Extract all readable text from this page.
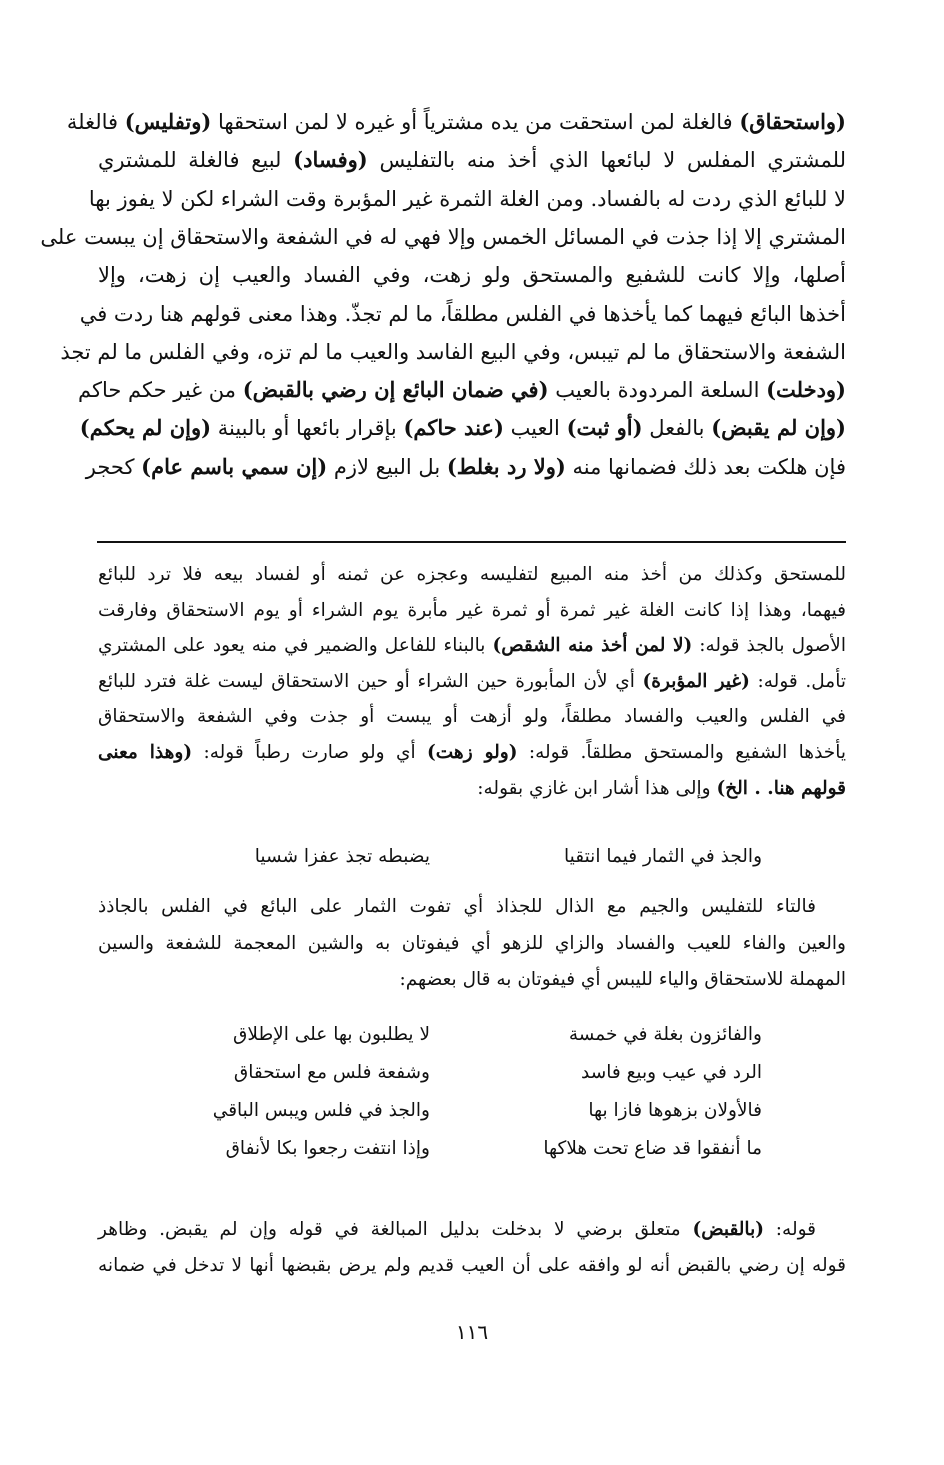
(واستحقاق) فالغلة لمن استحقت من يده مشترياً أو غيره لا لمن استحقها (وتفليس) فالغلة
للمشتري المفلس لا لبائعها الذي أخذ منه بالتفليس (وفساد) لبيع فالغلة للمشتري
لا للبائع الذي ردت له بالفساد. ومن الغلة الثمرة غير المؤبرة وقت الشراء لكن لا يفوز بها
المشتري إلا إذا جذت في المسائل الخمس وإلا فهي له في الشفعة والاستحقاق إن يبست على
أصلها، وإلا كانت للشفيع والمستحق ولو زهت، وفي الفساد والعيب إن زهت، وإلا
أخذها البائع فيهما كما يأخذها في الفلس مطلقاً، ما لم تجذّ. وهذا معنى قولهم هنا ردت في
الشفعة والاستحقاق ما لم تيبس، وفي البيع الفاسد والعيب ما لم تزه، وفي الفلس ما لم تجذ
(ودخلت) السلعة المردودة بالعيب (في ضمان البائع إن رضي بالقبض) من غير حكم حاكم
(وإن لم يقبض) بالفعل (أو ثبت) العيب (عند حاكم) بإقرار بائعها أو بالبينة (وإن لم يحكم)
فإن هلكت بعد ذلك فضمانها منه (ولا رد بغلط) بل البيع لازم (إن سمي باسم عام) كحجر
للمستحق وكذلك من أخذ منه المبيع لتفليسه وعجزه عن ثمنه أو لفساد بيعه فلا ترد للبائع
فيهما، وهذا إذا كانت الغلة غير ثمرة أو ثمرة غير مأبرة يوم الشراء أو يوم الاستحقاق وفارقت
الأصول بالجذ قوله: (لا لمن أخذ منه الشقص) بالبناء للفاعل والضمير في منه يعود على المشتري
تأمل. قوله: (غير المؤبرة) أي لأن المأبورة حين الشراء أو حين الاستحقاق ليست غلة فترد للبائع
في الفلس والعيب والفساد مطلقاً، ولو أزهت أو يبست أو جذت وفي الشفعة والاستحقاق
يأخذها الشفيع والمستحق مطلقاً. قوله: (ولو زهت) أي ولو صارت رطباً قوله: (وهذا معنى
قولهم هنا. . الخ) وإلى هذا أشار ابن غازي بقوله:
والجذ في الثمار فيما انتقيا
يضبطه تجذ عفزا شسيا
فالتاء للتفليس والجيم مع الذال للجذاذ أي تفوت الثمار على البائع في الفلس بالجاذذ
والعين والفاء للعيب والفساد والزاي للزهو أي فيفوتان به والشين المعجمة للشفعة والسين
المهملة للاستحقاق والياء لليبس أي فيفوتان به قال بعضهم:
والفائزون بغلة في خمسة
لا يطلبون بها على الإطلاق
الرد في عيب وبيع فاسد
وشفعة فلس مع استحقاق
فالأولان بزهوها فازا بها
والجذ في فلس ويبس الباقي
ما أنفقوا قد ضاع تحت هلاكها
وإذا انتفت رجعوا بكا لأنفاق
قوله: (بالقبض) متعلق برضي لا بدخلت بدليل المبالغة في قوله وإن لم يقبض. وظاهر
قوله إن رضي بالقبض أنه لو وافقه على أن العيب قديم ولم يرض بقبضها أنها لا تدخل في ضمانه
١١٦
